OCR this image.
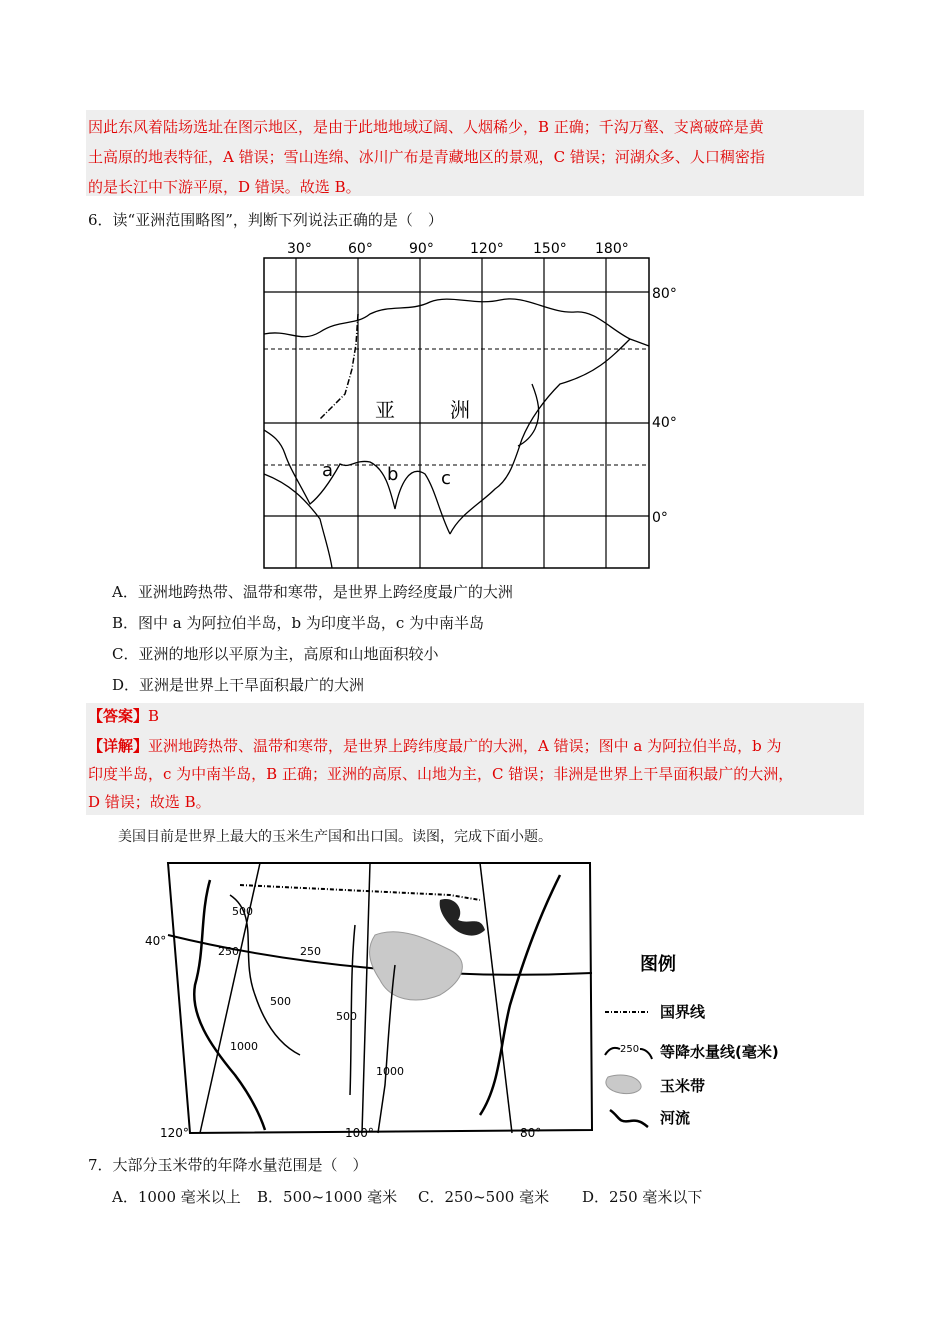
因此东风着陆场选址在图示地区，是由于此地地域辽阔、人烟稀少，B 正确；千沟万壑、支离破碎是黄

土高原的地表特征，A 错误；雪山连绵、冰川广布是青藏地区的景观，C 错误；河湖众多、人口稠密指

的是长江中下游平原，D 错误。故选 B。

6．读“亚洲范围略图”，判断下列说法正确的是（　）

30°	60°	90°	120° 150° 180°
80°
40°
0°
亚	洲
a	b c

A．亚洲地跨热带、温带和寒带，是世界上跨经度最广的大洲

B．图中 a 为阿拉伯半岛，b 为印度半岛，c 为中南半岛

C．亚洲的地形以平原为主，高原和山地面积较小

D．亚洲是世界上干旱面积最广的大洲

【答案】B

【详解】亚洲地跨热带、温带和寒带，是世界上跨纬度最广的大洲，A 错误；图中 a 为阿拉伯半岛，b 为

印度半岛，c 为中南半岛，B 正确；亚洲的高原、山地为主，C 错误；非洲是世界上干旱面积最广的大洲，

D 错误；故选 B。

美国目前是世界上最大的玉米生产国和出口国。读图，完成下面小题。

500
250	250
500
500
1000
1000
40°
120°	100°	80°
图例
国界线
250 等降水量线(毫米)
玉米带
河流

7．大部分玉米带的年降水量范围是（　）

A．1000 毫米以上 B．500~1000 毫米 C．250~500 毫米 D．250 毫米以下
